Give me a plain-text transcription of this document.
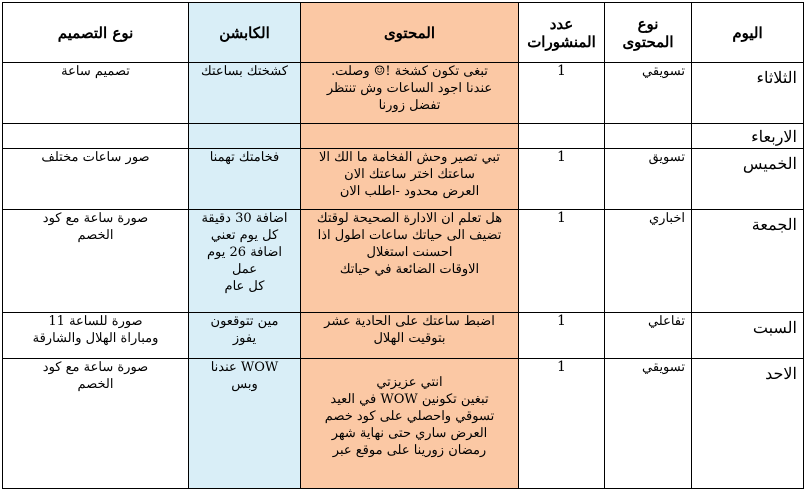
اليوم	نوع المحتوى	عدد المنشورات	المحتوى	الكابشن	نوع التصميم
الثلاثاء	تسويقي	1	تبغى تكون كشخة !☺ وصلت.
عندنا اجود الساعات وش تنتظر
تفضل زورنا	كشختك بساعتك	تصميم ساعة

الاربعاء					
الخميس	تسويق	1	تبي تصير وحش الفخامة ما الك الا
ساعتك اختر ساعتك الان
العرض محدود -اطلب الان	فخامتك تهمنا	صور ساعات مختلف

الجمعة	اخباري	1	هل تعلم ان الادارة الصحيحة لوقتك
تضيف الى حياتك ساعات اطول اذا
احسنت استغلال
الاوقات الضائعة في حياتك	اضافة 30 دقيقة
كل يوم تعني
اضافة 26 يوم
عمل
كل عام	صورة ساعة مع كود
الخصم

السبت	تفاعلي	1	اضبط ساعتك على الحادية عشر
بتوقيت الهلال	مين تتوقعون
يفوز	صورة للساعة 11
ومباراة الهلال والشارقة

الاحد	تسويقي	1	انتي عزيزتي
تبغين تكونين WOW في العيد
تسوقي واحصلي على كود خصم
العرض ساري حتى نهاية شهر
رمضان زورينا على موقع عبر	WOW عندنا
وبس	صورة ساعة مع كود
الخصم
